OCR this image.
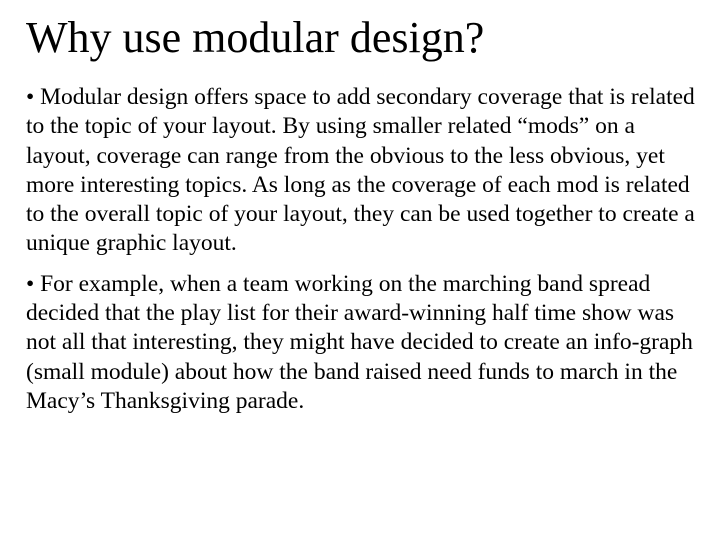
Why use modular design?
• Modular design offers space to add secondary coverage that is related to the topic of your layout. By using smaller related “mods” on a layout, coverage can range from the obvious to the less obvious, yet more interesting topics. As long as the coverage of each mod is related to the overall topic of your layout, they can be used together to create a unique graphic layout.
• For example, when a team working on the marching band spread decided that the play list for their award-winning half time show was not all that interesting, they might have decided to create an info-graph (small module) about how the band raised need funds to march in the Macy’s Thanksgiving parade.
